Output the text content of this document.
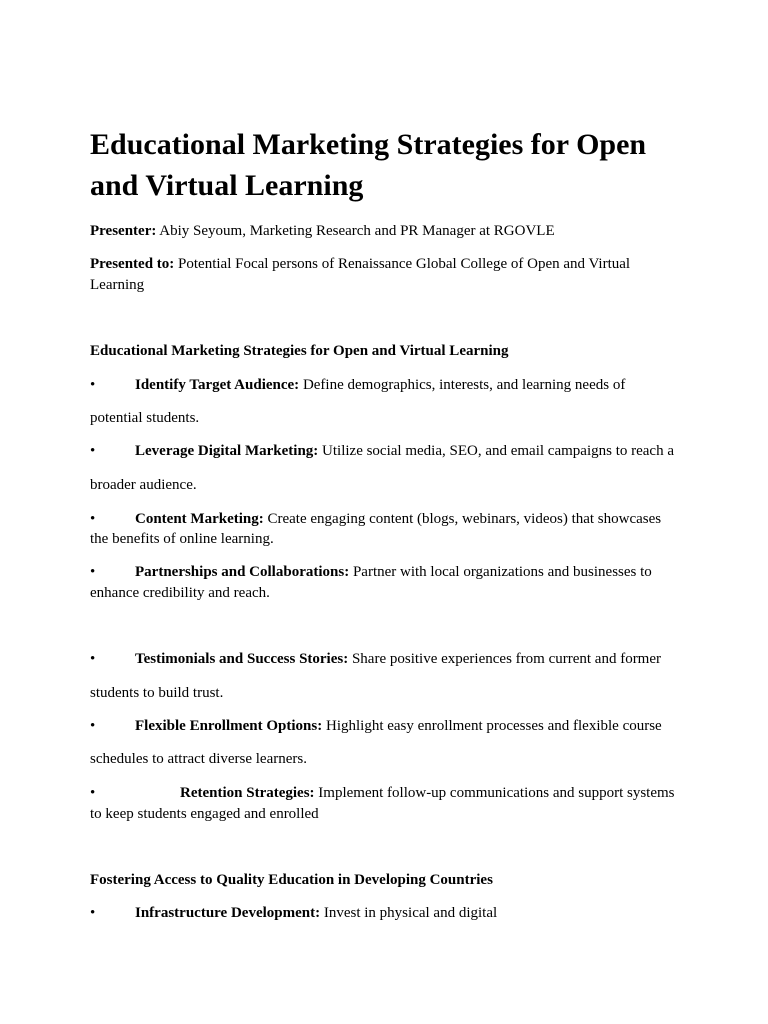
Educational Marketing Strategies for Open and Virtual Learning
Presenter: Abiy Seyoum, Marketing Research and PR Manager at RGOVLE
Presented to: Potential Focal persons of Renaissance Global College of Open and Virtual
Learning
Educational Marketing Strategies for Open and Virtual Learning
•	Identify Target Audience: Define demographics, interests, and learning needs of
potential students.
•	Leverage Digital Marketing: Utilize social media, SEO, and email campaigns to reach a
broader audience.
•	Content Marketing: Create engaging content (blogs, webinars, videos) that showcases
the benefits of online learning.
•	Partnerships and Collaborations: Partner with local organizations and businesses to
enhance credibility and reach.
•	Testimonials and Success Stories: Share positive experiences from current and former
students to build trust.
•	Flexible Enrollment Options: Highlight easy enrollment processes and flexible course
schedules to attract diverse learners.
•	Retention Strategies: Implement follow-up communications and support systems
to keep students engaged and enrolled
Fostering Access to Quality Education in Developing Countries
•	Infrastructure Development: Invest in physical and digital
